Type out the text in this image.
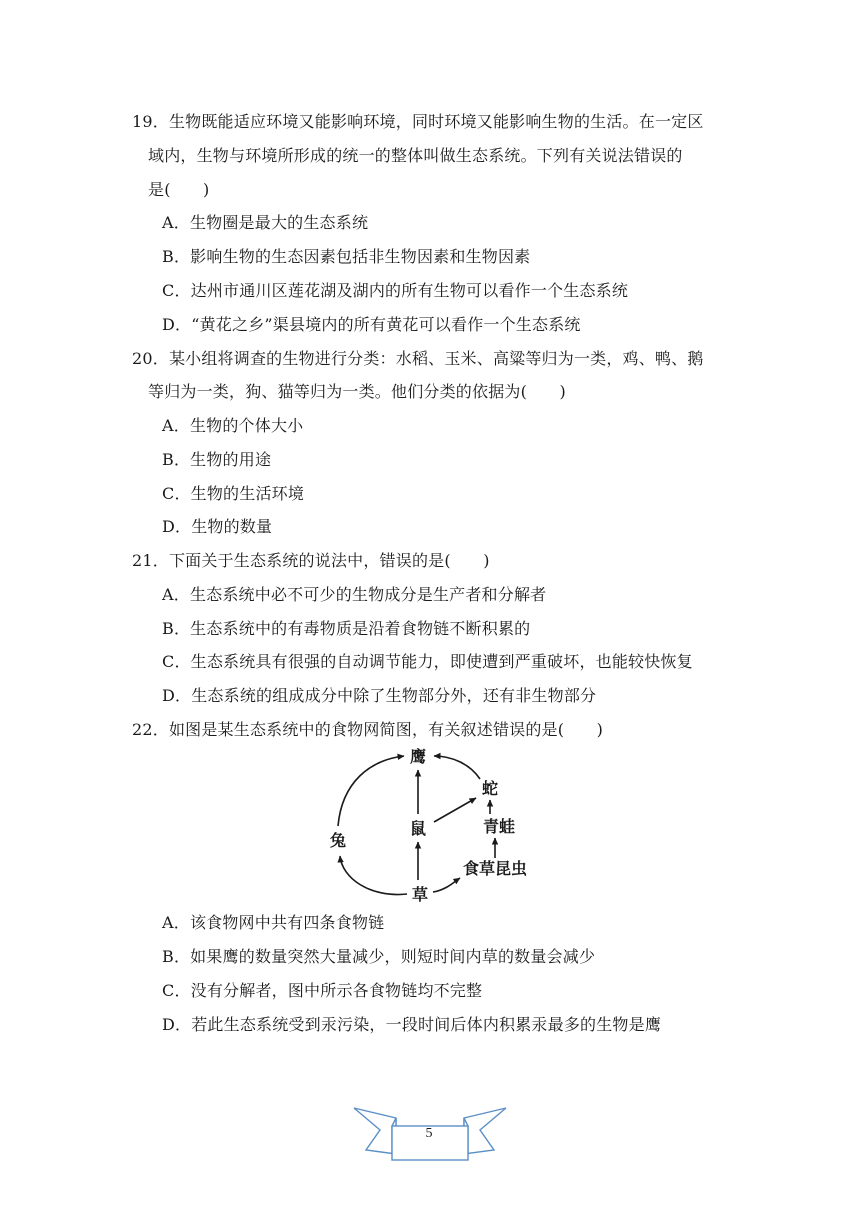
19．生物既能适应环境又能影响环境，同时环境又能影响生物的生活。在一定区
域内，生物与环境所形成的统一的整体叫做生态系统。下列有关说法错误的
是(　　)
A．生物圈是最大的生态系统
B．影响生物的生态因素包括非生物因素和生物因素
C．达州市通川区莲花湖及湖内的所有生物可以看作一个生态系统
D．“黄花之乡”渠县境内的所有黄花可以看作一个生态系统
20．某小组将调查的生物进行分类：水稻、玉米、高粱等归为一类，鸡、鸭、鹅
等归为一类，狗、猫等归为一类。他们分类的依据为(　　)
A．生物的个体大小
B．生物的用途
C．生物的生活环境
D．生物的数量
21．下面关于生态系统的说法中，错误的是(　　)
A．生态系统中必不可少的生物成分是生产者和分解者
B．生态系统中的有毒物质是沿着食物链不断积累的
C．生态系统具有很强的自动调节能力，即使遭到严重破坏，也能较快恢复
D．生态系统的组成成分中除了生物部分外，还有非生物部分
22．如图是某生态系统中的食物网简图，有关叙述错误的是(　　)
鹰
蛇
鼠	青蛙
兔
食草昆虫
草
A．该食物网中共有四条食物链
B．如果鹰的数量突然大量减少，则短时间内草的数量会减少
C．没有分解者，图中所示各食物链均不完整
D．若此生态系统受到汞污染，一段时间后体内积累汞最多的生物是鹰
5
